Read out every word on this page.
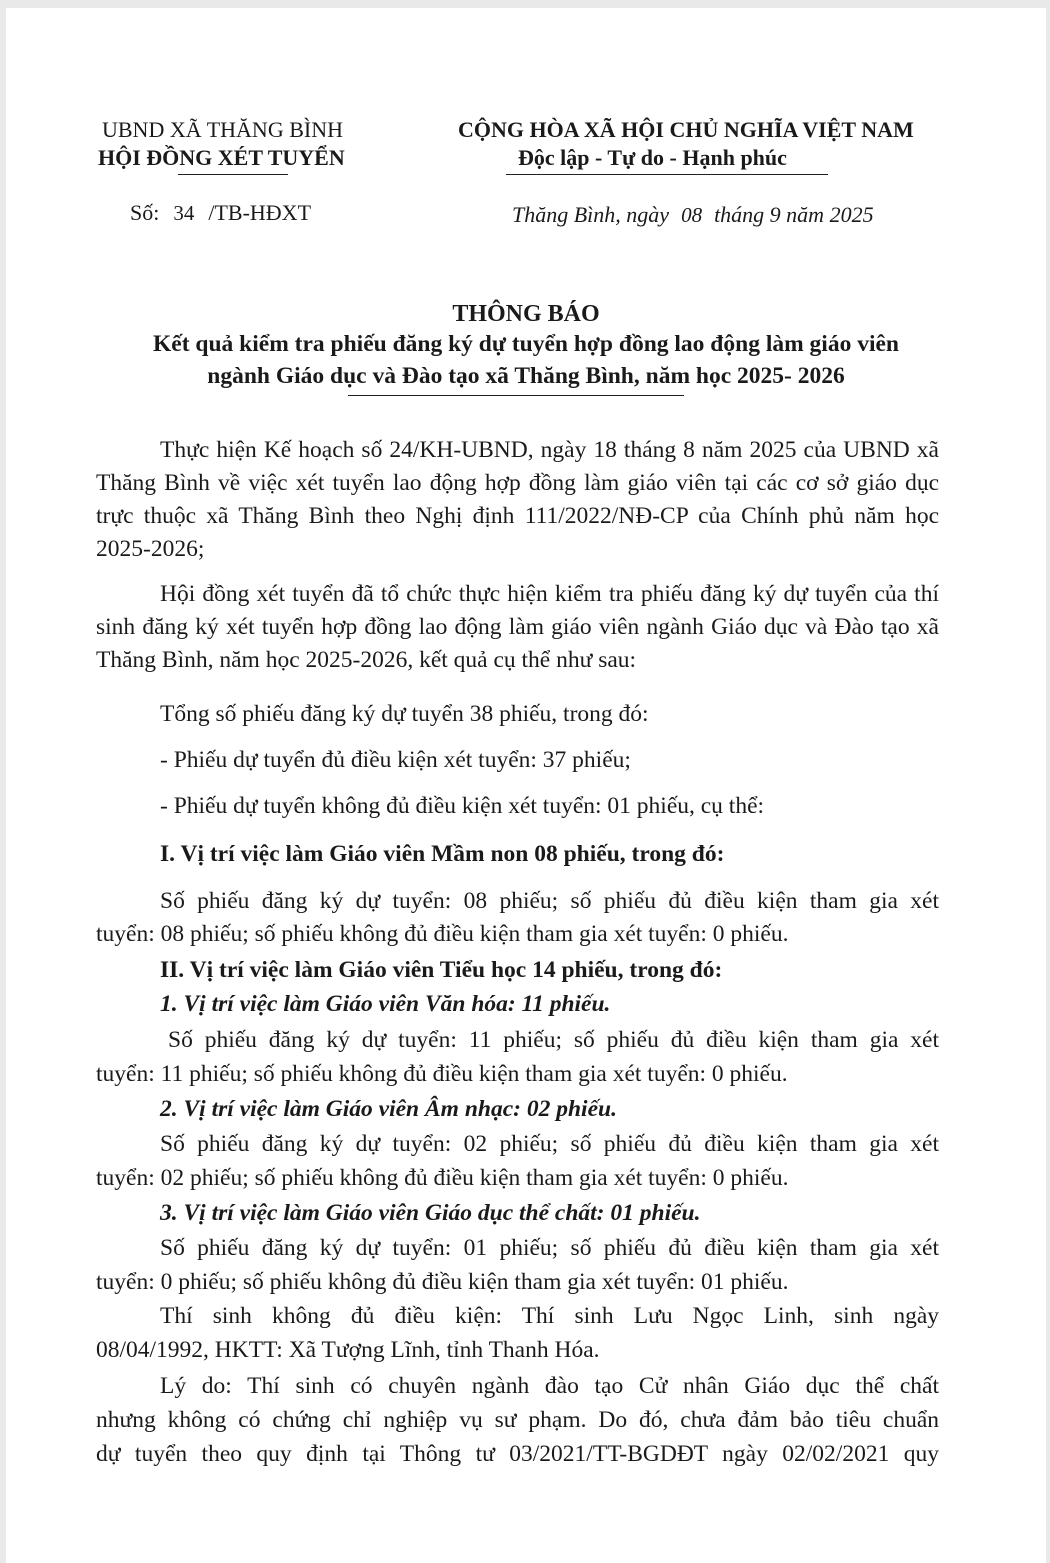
UBND XÃ THĂNG BÌNH
HỘI ĐỒNG XÉT TUYỂN
CỘNG HÒA XÃ HỘI CHỦ NGHĨA VIỆT NAM
Độc lập - Tự do - Hạnh phúc
Số: 34 /TB-HĐXT	Thăng Bình, ngày 08 tháng 9 năm 2025
THÔNG BÁO
Kết quả kiểm tra phiếu đăng ký dự tuyển hợp đồng lao động làm giáo viên
ngành Giáo dục và Đào tạo xã Thăng Bình, năm học 2025- 2026
Thực hiện Kế hoạch số 24/KH-UBND, ngày 18 tháng 8 năm 2025 của UBND xã Thăng Bình về việc xét tuyển lao động hợp đồng làm giáo viên tại các cơ sở giáo dục trực thuộc xã Thăng Bình theo Nghị định 111/2022/NĐ-CP của Chính phủ năm học 2025-2026;
Hội đồng xét tuyển đã tổ chức thực hiện kiểm tra phiếu đăng ký dự tuyển của thí sinh đăng ký xét tuyển hợp đồng lao động làm giáo viên ngành Giáo dục và Đào tạo xã Thăng Bình, năm học 2025-2026, kết quả cụ thể như sau:
Tổng số phiếu đăng ký dự tuyển 38 phiếu, trong đó:
- Phiếu dự tuyển đủ điều kiện xét tuyển: 37 phiếu;
- Phiếu dự tuyển không đủ điều kiện xét tuyển: 01 phiếu, cụ thể:
I. Vị trí việc làm Giáo viên Mầm non 08 phiếu, trong đó:
Số phiếu đăng ký dự tuyển: 08 phiếu; số phiếu đủ điều kiện tham gia xét
tuyển: 08 phiếu; số phiếu không đủ điều kiện tham gia xét tuyển: 0 phiếu.
II. Vị trí việc làm Giáo viên Tiểu học 14 phiếu, trong đó:
1. Vị trí việc làm Giáo viên Văn hóa: 11 phiếu.
Số phiếu đăng ký dự tuyển: 11 phiếu; số phiếu đủ điều kiện tham gia xét
tuyển: 11 phiếu; số phiếu không đủ điều kiện tham gia xét tuyển: 0 phiếu.
2. Vị trí việc làm Giáo viên Âm nhạc: 02 phiếu.
Số phiếu đăng ký dự tuyển: 02 phiếu; số phiếu đủ điều kiện tham gia xét
tuyển: 02 phiếu; số phiếu không đủ điều kiện tham gia xét tuyển: 0 phiếu.
3. Vị trí việc làm Giáo viên Giáo dục thể chất: 01 phiếu.
Số phiếu đăng ký dự tuyển: 01 phiếu; số phiếu đủ điều kiện tham gia xét
tuyển: 0 phiếu; số phiếu không đủ điều kiện tham gia xét tuyển: 01 phiếu.
Thí sinh không đủ điều kiện: Thí sinh Lưu Ngọc Linh, sinh ngày
08/04/1992, HKTT: Xã Tượng Lĩnh, tỉnh Thanh Hóa.
Lý do: Thí sinh có chuyên ngành đào tạo Cử nhân Giáo dục thể chất
nhưng không có chứng chỉ nghiệp vụ sư phạm. Do đó, chưa đảm bảo tiêu chuẩn
dự tuyển theo quy định tại Thông tư 03/2021/TT-BGDĐT ngày 02/02/2021 quy
